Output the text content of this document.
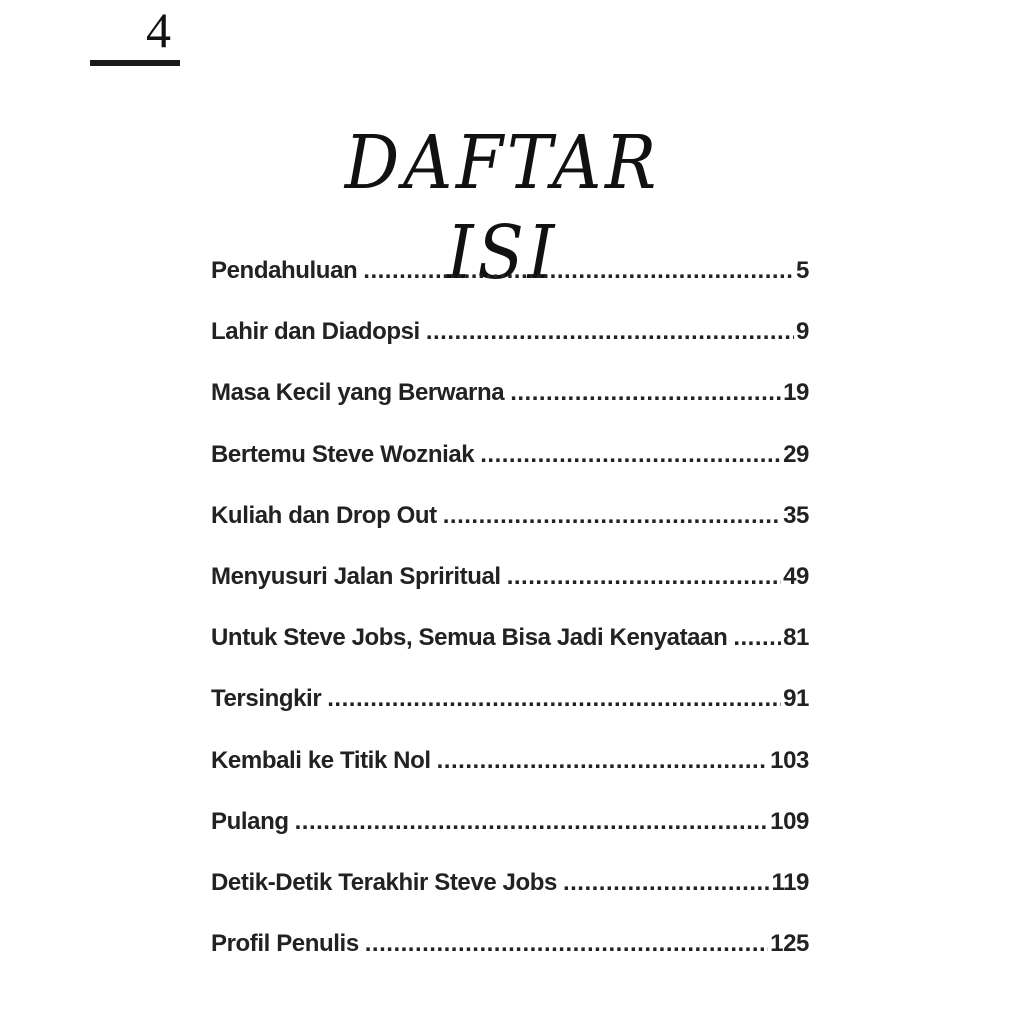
4
DAFTAR ISI
Pendahuluan .....	5
Lahir dan Diadopsi .....	9
Masa Kecil yang Berwarna .....	19
Bertemu Steve Wozniak .....	29
Kuliah dan Drop Out .....	35
Menyusuri Jalan Spriritual .....	49
Untuk Steve Jobs, Semua Bisa Jadi Kenyataan ..... 81
Tersingkir .....	91
Kembali ke Titik Nol .....	103
Pulang .....	109
Detik-Detik Terakhir Steve Jobs .....	119
Profil Penulis .....	125
